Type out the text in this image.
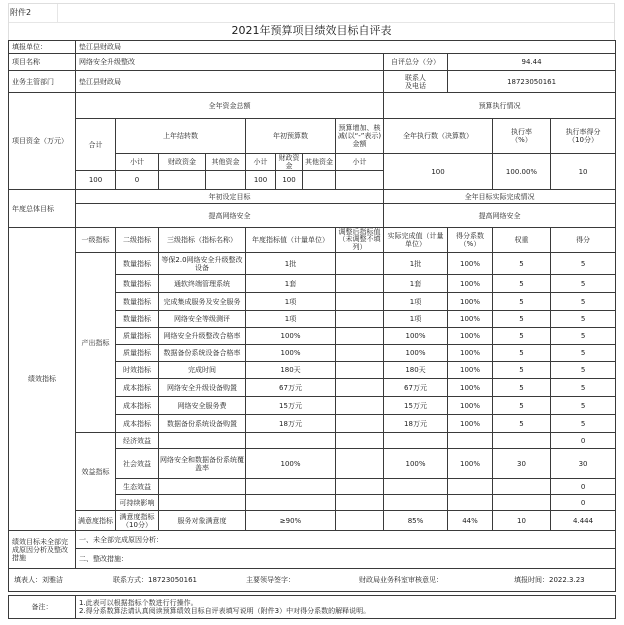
附件2
2021年预算项目绩效目标自评表
填报单位：	垫江县财政局											
项目名称	网络安全升级整改								自评总分（分）	94.44		
业务主管部门	垫江县财政局								联系人及电话	18723050161		
项目资金（万元）	全年资金总额								预算执行情况			
	合计	上年结转数			年初预算数			预算增加、核减(以“-”表示)金额	全年执行数（决算数）		执行率（%）	执行率得分（10分）
		小计	财政资金	其他资金	小计	财政资金	其他资金	小计	100		100.00%	10
	100	0			100	100						
年度总体目标	年初设定目标								全年目标实际完成情况			
	提高网络安全								提高网络安全			
绩效指标	一级指标	二级指标	三级指标（指标名称）		年度指标值（计量单位）			调整后指标值（未调整不填列）	实际完成值（计量单位）	得分系数（%）	权重	得分
	产出指标	数量指标	等保2.0网络安全升级整改设备		1批				1批	100%	5	5
		数量指标	通软终端管理系统		1套				1套	100%	5	5
		数量指标	完成集成服务及安全服务		1项				1项	100%	5	5
		数量指标	网络安全等级测评		1项				1项	100%	5	5
		质量指标	网络安全升级整改合格率		100%				100%	100%	5	5
		质量指标	数据备份系统设备合格率		100%				100%	100%	5	5
		时效指标	完成时间		180天				180天	100%	5	5
		成本指标	网络安全升级设备购置		67万元				67万元	100%	5	5
		成本指标	网络安全服务费		15万元				15万元	100%	5	5
		成本指标	数据备份系统设备购置		18万元				18万元	100%	5	5
	效益指标	经济效益										0
		社会效益	网络安全和数据备份系统覆盖率		100%				100%	100%	30	30
		生态效益										0
		可持续影响										0
	满意度指标	满意度指标（10分）	服务对象满意度		≥90%				85%	44%	10	4.444
绩效目标未全部完成原因分析及整改措施	一、未全部完成原因分析：											
	二、整改措施：											

填表人：刘雅洁 联系方式：18723050161 主要领导签字： 财政局业务科室审核意见： 填报时间：2022.3.23												
备注：	1.此表可以根据指标个数进行行操作。
2.得分系数算法请认真阅读预算绩效目标自评表填写说明（附件3）中对得分系数的解释说明。
